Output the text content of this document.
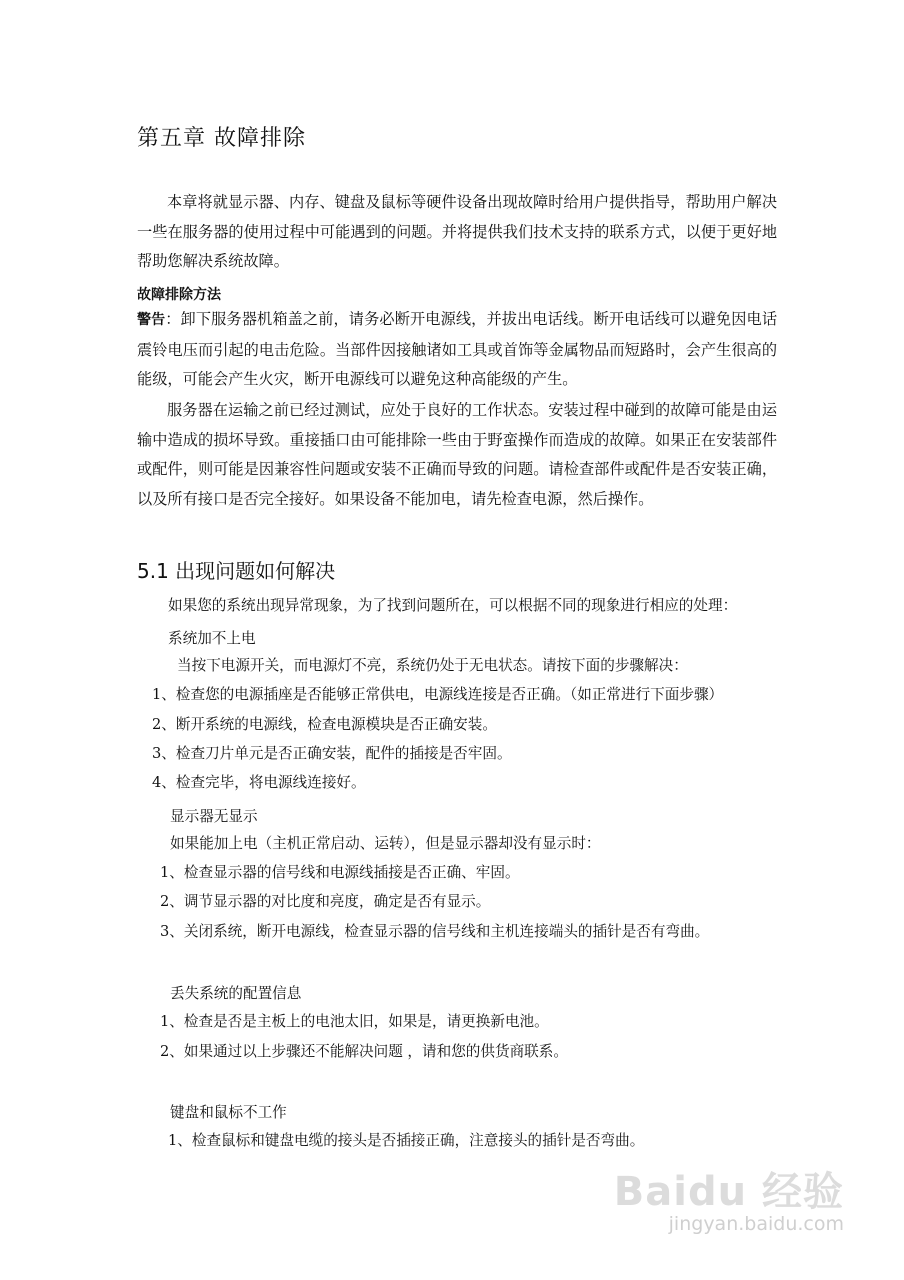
第五章 故障排除
本章将就显示器、内存、键盘及鼠标等硬件设备出现故障时给用户提供指导，帮助用户解决一些在服务器的使用过程中可能遇到的问题。并将提供我们技术支持的联系方式，以便于更好地帮助您解决系统故障。
故障排除方法
警告：卸下服务器机箱盖之前，请务必断开电源线，并拔出电话线。断开电话线可以避免因电话震铃电压而引起的电击危险。当部件因接触诸如工具或首饰等金属物品而短路时，会产生很高的能级，可能会产生火灾，断开电源线可以避免这种高能级的产生。
服务器在运输之前已经过测试，应处于良好的工作状态。安装过程中碰到的故障可能是由运输中造成的损坏导致。重接插口由可能排除一些由于野蛮操作而造成的故障。如果正在安装部件或配件，则可能是因兼容性问题或安装不正确而导致的问题。请检查部件或配件是否安装正确，以及所有接口是否完全接好。如果设备不能加电，请先检查电源，然后操作。
5.1 出现问题如何解决
如果您的系统出现异常现象，为了找到问题所在，可以根据不同的现象进行相应的处理：
系统加不上电
当按下电源开关，而电源灯不亮，系统仍处于无电状态。请按下面的步骤解决：
1、检查您的电源插座是否能够正常供电，电源线连接是否正确。（如正常进行下面步骤）
2、断开系统的电源线，检查电源模块是否正确安装。
3、检查刀片单元是否正确安装，配件的插接是否牢固。
4、检查完毕，将电源线连接好。
显示器无显示
如果能加上电（主机正常启动、运转），但是显示器却没有显示时：
1、检查显示器的信号线和电源线插接是否正确、牢固。
2、调节显示器的对比度和亮度，确定是否有显示。
3、关闭系统，断开电源线，检查显示器的信号线和主机连接端头的插针是否有弯曲。
丢失系统的配置信息
1、检查是否是主板上的电池太旧，如果是，请更换新电池。
2、如果通过以上步骤还不能解决问题 ，请和您的供货商联系。
键盘和鼠标不工作
1、检查鼠标和键盘电缆的接头是否插接正确，注意接头的插针是否弯曲。
Baidu 经验
jingyan.baidu.com
